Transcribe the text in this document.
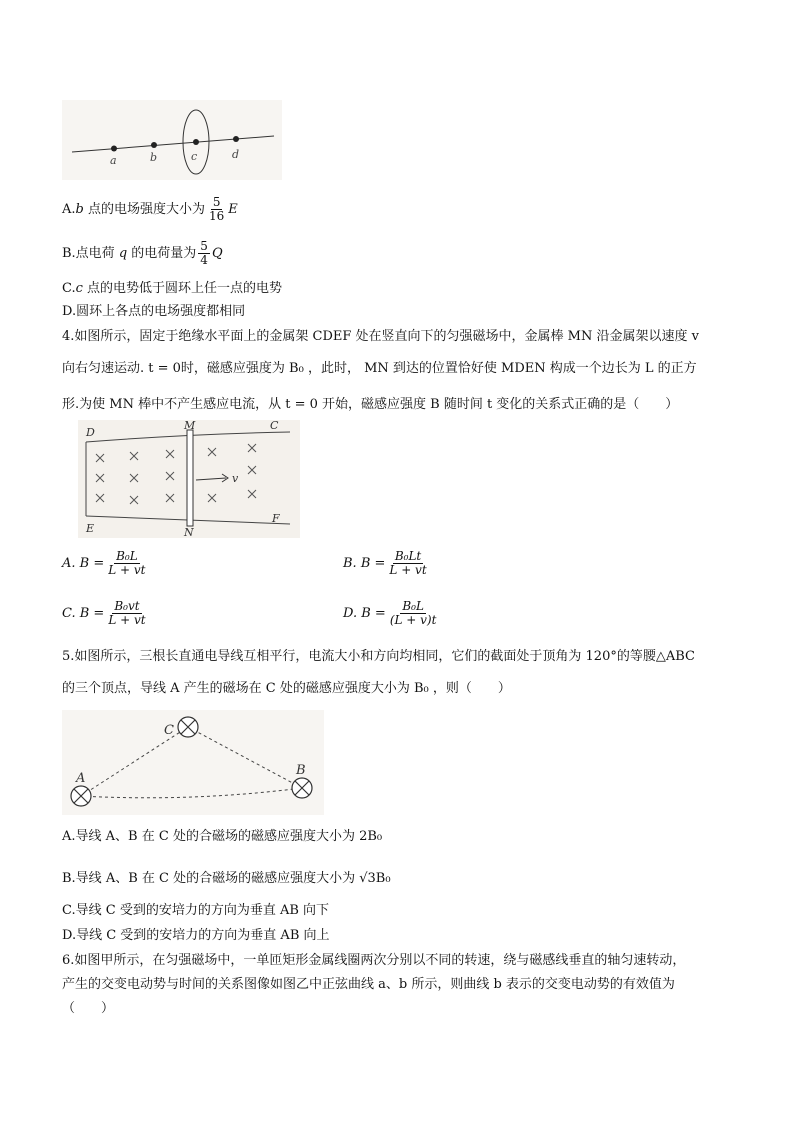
a	b	c	d
A.b 点的电场强度大小为 $\frac{5}{16}$ E
B.点电荷 q 的电荷量为 $\frac{5}{4}$ Q
C.c 点的电势低于圆环上任一点的电势
D.圆环上各点的电场强度都相同
4.如图所示，固定于绝缘水平面上的金属架 CDEF 处在竖直向下的匀强磁场中，金属棒 MN 沿金属架以速度 v
向右匀速运动. t = 0时，磁感应强度为 B₀ ，此时， MN 到达的位置恰好使 MDEN 构成一个边长为 L 的正方
形.为使 MN 棒中不产生感应电流，从 t = 0 开始，磁感应强度 B 随时间 t 变化的关系式正确的是（　　）
v
D
M	C
E	N
F
A. $B = \frac{\text{B₀L}}{L + vt}$	B. $B = \frac{\text{B₀Lt}}{L + vt}$
C. $B = \frac{\text{B₀vt}}{L + vt}$	D. $B = \frac{\text{B₀L}}{(L + v)t}$
5.如图所示，三根长直通电导线互相平行，电流大小和方向均相同，它们的截面处于顶角为 120°的等腰△ABC
的三个顶点，导线 A 产生的磁场在 C 处的磁感应强度大小为 B₀ ，则（　　）
C
A
B
A.导线 A、B 在 C 处的合磁场的磁感应强度大小为 2B₀
B.导线 A、B 在 C 处的合磁场的磁感应强度大小为 √3B₀
C.导线 C 受到的安培力的方向为垂直 AB 向下
D.导线 C 受到的安培力的方向为垂直 AB 向上
6.如图甲所示，在匀强磁场中，一单匝矩形金属线圈两次分别以不同的转速，绕与磁感线垂直的轴匀速转动，
产生的交变电动势与时间的关系图像如图乙中正弦曲线 a、b 所示，则曲线 b 表示的交变电动势的有效值为
（　　）
